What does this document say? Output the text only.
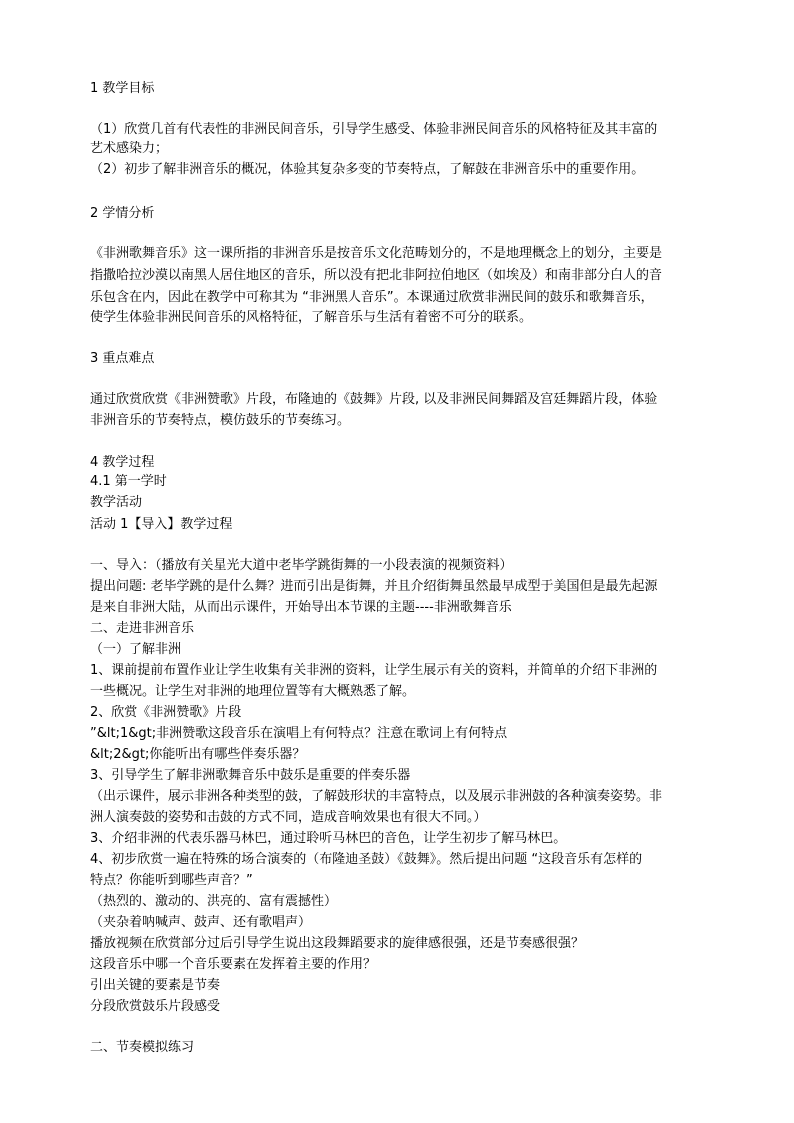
1 教学目标
（1）欣赏几首有代表性的非洲民间音乐，引导学生感受、体验非洲民间音乐的风格特征及其丰富的
艺术感染力；
（2）初步了解非洲音乐的概况，体验其复杂多变的节奏特点，了解鼓在非洲音乐中的重要作用。
2 学情分析
《非洲歌舞音乐》这一课所指的非洲音乐是按音乐文化范畴划分的，不是地理概念上的划分，主要是
指撒哈拉沙漠以南黑人居住地区的音乐，所以没有把北非阿拉伯地区（如埃及）和南非部分白人的音
乐包含在内，因此在教学中可称其为 “非洲黑人音乐”。本课通过欣赏非洲民间的鼓乐和歌舞音乐，
使学生体验非洲民间音乐的风格特征，了解音乐与生活有着密不可分的联系。
3 重点难点
通过欣赏欣赏《非洲赞歌》片段，布隆迪的《鼓舞》片段, 以及非洲民间舞蹈及宫廷舞蹈片段，体验
非洲音乐的节奏特点，模仿鼓乐的节奏练习。
4 教学过程
4.1 第一学时
教学活动
活动 1【导入】教学过程
一、导入：（播放有关星光大道中老毕学跳街舞的一小段表演的视频资料）
提出问题: 老毕学跳的是什么舞？进而引出是街舞，并且介绍街舞虽然最早成型于美国但是最先起源
是来自非洲大陆，从而出示课件，开始导出本节课的主题----非洲歌舞音乐
二、走进非洲音乐
（一）了解非洲
1、课前提前布置作业让学生收集有关非洲的资料，让学生展示有关的资料，并简单的介绍下非洲的
一些概况。让学生对非洲的地理位置等有大概熟悉了解。
2、欣赏《非洲赞歌》片段
”&lt;1&gt;非洲赞歌这段音乐在演唱上有何特点？注意在歌词上有何特点
&lt;2&gt;你能听出有哪些伴奏乐器？
3、引导学生了解非洲歌舞音乐中鼓乐是重要的伴奏乐器
（出示课件，展示非洲各种类型的鼓，了解鼓形状的丰富特点，以及展示非洲鼓的各种演奏姿势。非
洲人演奏鼓的姿势和击鼓的方式不同，造成音响效果也有很大不同。）
3、介绍非洲的代表乐器马林巴，通过聆听马林巴的音色，让学生初步了解马林巴。
4、初步欣赏一遍在特殊的场合演奏的（布隆迪圣鼓）《鼓舞》。然后提出问题 “这段音乐有怎样的
特点？你能听到哪些声音？”
（热烈的、激动的、洪亮的、富有震撼性）
（夹杂着呐喊声、鼓声、还有歌唱声）
播放视频在欣赏部分过后引导学生说出这段舞蹈要求的旋律感很强，还是节奏感很强？
这段音乐中哪一个音乐要素在发挥着主要的作用？
引出关键的要素是节奏
分段欣赏鼓乐片段感受
二、节奏模拟练习
